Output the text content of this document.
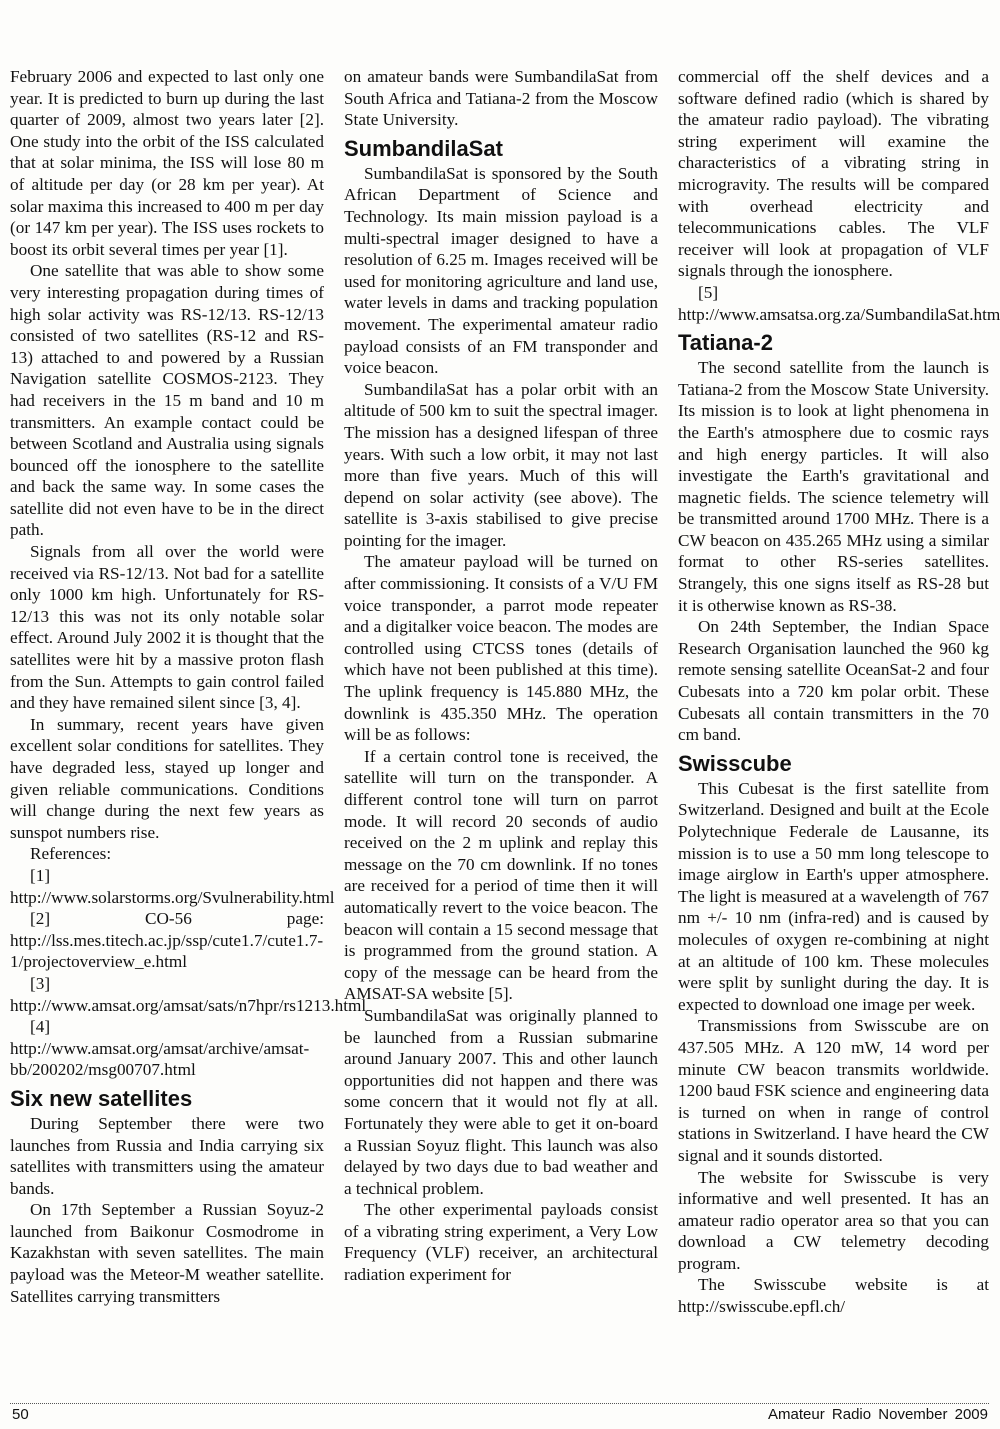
February 2006 and expected to last only one year. It is predicted to burn up during the last quarter of 2009, almost two years later [2]. One study into the orbit of the ISS calculated that at solar minima, the ISS will lose 80 m of altitude per day (or 28 km per year). At solar maxima this increased to 400 m per day (or 147 km per year). The ISS uses rockets to boost its orbit several times per year [1].

One satellite that was able to show some very interesting propagation during times of high solar activity was RS-12/13. RS-12/13 consisted of two satellites (RS-12 and RS-13) attached to and powered by a Russian Navigation satellite COSMOS-2123. They had receivers in the 15 m band and 10 m transmitters. An example contact could be between Scotland and Australia using signals bounced off the ionosphere to the satellite and back the same way. In some cases the satellite did not even have to be in the direct path.

Signals from all over the world were received via RS-12/13. Not bad for a satellite only 1000 km high. Unfortunately for RS-12/13 this was not its only notable solar effect. Around July 2002 it is thought that the satellites were hit by a massive proton flash from the Sun. Attempts to gain control failed and they have remained silent since [3, 4].

In summary, recent years have given excellent solar conditions for satellites. They have degraded less, stayed up longer and given reliable communications. Conditions will change during the next few years as sunspot numbers rise.

References:

[1] http://www.solarstorms.org/Svulnerability.html

[2] CO-56 page: http://lss.mes.titech.ac.jp/ssp/cute1.7/cute1.7-1/projectoverview_e.html

[3] http://www.amsat.org/amsat/sats/n7hpr/rs1213.html

[4] http://www.amsat.org/amsat/archive/amsat-bb/200202/msg00707.html

Six new satellites

During September there were two launches from Russia and India carrying six satellites with transmitters using the amateur bands.

On 17th September a Russian Soyuz-2 launched from Baikonur Cosmodrome in Kazakhstan with seven satellites. The main payload was the Meteor-M weather satellite. Satellites carrying transmitters

on amateur bands were SumbandilaSat from South Africa and Tatiana-2 from the Moscow State University.

SumbandilaSat

SumbandilaSat is sponsored by the South African Department of Science and Technology. Its main mission payload is a multi-spectral imager designed to have a resolution of 6.25 m. Images received will be used for monitoring agriculture and land use, water levels in dams and tracking population movement. The experimental amateur radio payload consists of an FM transponder and voice beacon.

SumbandilaSat has a polar orbit with an altitude of 500 km to suit the spectral imager. The mission has a designed lifespan of three years. With such a low orbit, it may not last more than five years. Much of this will depend on solar activity (see above). The satellite is 3-axis stabilised to give precise pointing for the imager.

The amateur payload will be turned on after commissioning. It consists of a V/U FM voice transponder, a parrot mode repeater and a digitalker voice beacon. The modes are controlled using CTCSS tones (details of which have not been published at this time). The uplink frequency is 145.880 MHz, the downlink is 435.350 MHz. The operation will be as follows:

If a certain control tone is received, the satellite will turn on the transponder. A different control tone will turn on parrot mode. It will record 20 seconds of audio received on the 2 m uplink and replay this message on the 70 cm downlink. If no tones are received for a period of time then it will automatically revert to the voice beacon. The beacon will contain a 15 second message that is programmed from the ground station. A copy of the message can be heard from the AMSAT-SA website [5].

SumbandilaSat was originally planned to be launched from a Russian submarine around January 2007. This and other launch opportunities did not happen and there was some concern that it would not fly at all. Fortunately they were able to get it on-board a Russian Soyuz flight. This launch was also delayed by two days due to bad weather and a technical problem.

The other experimental payloads consist of a vibrating string experiment, a Very Low Frequency (VLF) receiver, an architectural radiation experiment for

commercial off the shelf devices and a software defined radio (which is shared by the amateur radio payload). The vibrating string experiment will examine the characteristics of a vibrating string in microgravity. The results will be compared with overhead electricity and telecommunications cables. The VLF receiver will look at propagation of VLF signals through the ionosphere.

[5] http://www.amsatsa.org.za/SumbandilaSat.htm

Tatiana-2

The second satellite from the launch is Tatiana-2 from the Moscow State University. Its mission is to look at light phenomena in the Earth's atmosphere due to cosmic rays and high energy particles. It will also investigate the Earth's gravitational and magnetic fields. The science telemetry will be transmitted around 1700 MHz. There is a CW beacon on 435.265 MHz using a similar format to other RS-series satellites. Strangely, this one signs itself as RS-28 but it is otherwise known as RS-38.

On 24th September, the Indian Space Research Organisation launched the 960 kg remote sensing satellite OceanSat-2 and four Cubesats into a 720 km polar orbit. These Cubesats all contain transmitters in the 70 cm band.

Swisscube

This Cubesat is the first satellite from Switzerland. Designed and built at the Ecole Polytechnique Federale de Lausanne, its mission is to use a 50 mm long telescope to image airglow in Earth's upper atmosphere. The light is measured at a wavelength of 767 nm +/- 10 nm (infra-red) and is caused by molecules of oxygen re-combining at night at an altitude of 100 km. These molecules were split by sunlight during the day. It is expected to download one image per week.

Transmissions from Swisscube are on 437.505 MHz. A 120 mW, 14 word per minute CW beacon transmits worldwide. 1200 baud FSK science and engineering data is turned on when in range of control stations in Switzerland. I have heard the CW signal and it sounds distorted.

The website for Swisscube is very informative and well presented. It has an amateur radio operator area so that you can download a CW telemetry decoding program.

The Swisscube website is at http://swisscube.epfl.ch/

50	Amateur Radio November 2009
